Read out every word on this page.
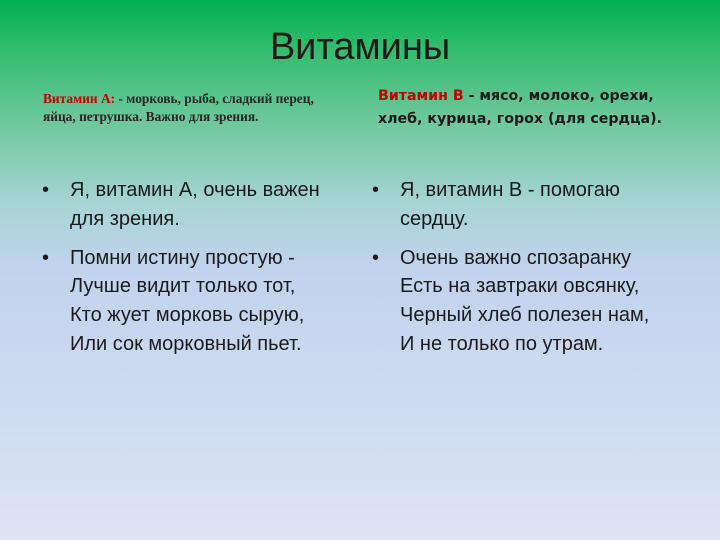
Витамины
Витамин А: - морковь, рыба, сладкий перец, яйца, петрушка. Важно для зрения.
Витамин В - мясо, молоко, орехи, хлеб, курица, горох (для сердца).
• Я, витамин А, очень важен
для зрения.
• Помни истину простую -
Лучше видит только тот,
Кто жует морковь сырую,
Или сок морковный пьет.
• Я, витамин В - помогаю
сердцу.
• Очень важно спозаранку
Есть на завтраки овсянку,
Черный хлеб полезен нам,
И не только по утрам.
